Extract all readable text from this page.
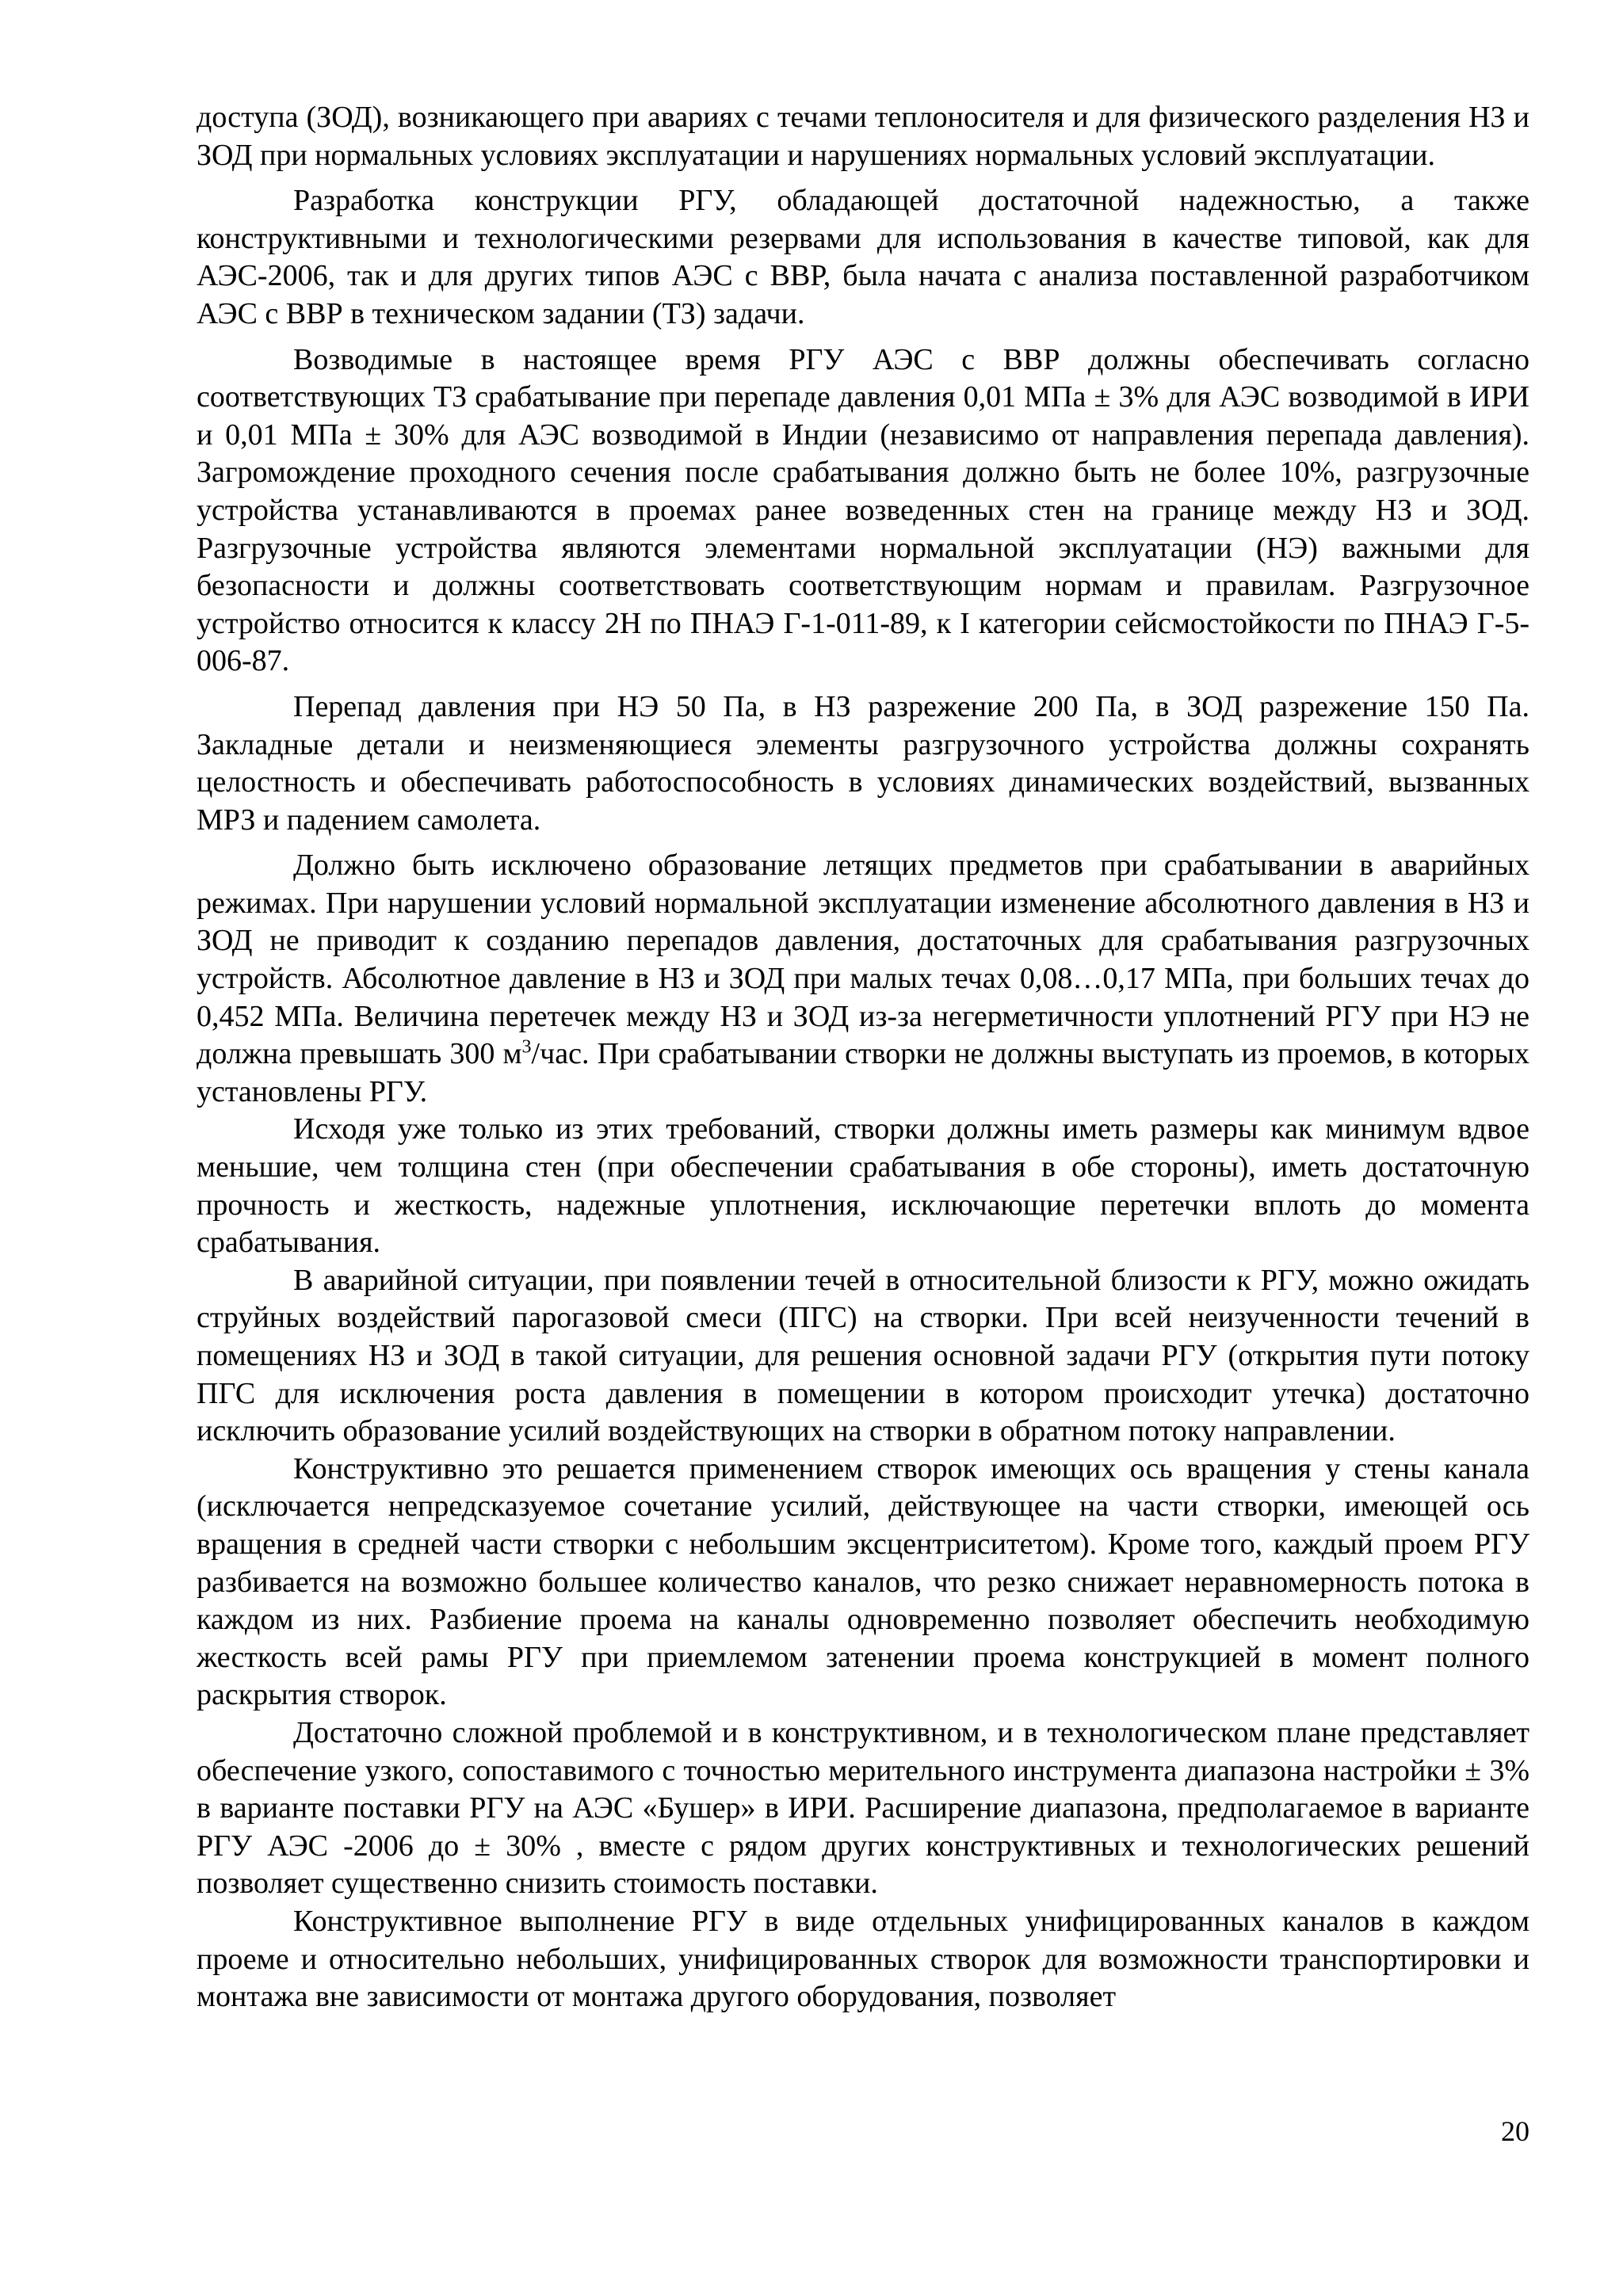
доступа (ЗОД), возникающего при авариях с течами теплоносителя и для физического разделения НЗ и ЗОД при нормальных условиях эксплуатации и нарушениях нормальных условий эксплуатации.

Разработка конструкции РГУ, обладающей достаточной надежностью, а также конструктивными и технологическими резервами для использования в качестве типовой, как для АЭС-2006, так и для других типов АЭС с ВВР, была начата с анализа поставленной разработчиком АЭС с ВВР в техническом задании (ТЗ) задачи.

Возводимые в настоящее время РГУ АЭС с ВВР должны обеспечивать согласно соответствующих ТЗ срабатывание при перепаде давления 0,01 МПа ± 3% для АЭС возводимой в ИРИ и 0,01 МПа ± 30% для АЭС возводимой в Индии (независимо от направления перепада давления). Загромождение проходного сечения после срабатывания должно быть не более 10%, разгрузочные устройства устанавливаются в проемах ранее возведенных стен на границе между НЗ и ЗОД. Разгрузочные устройства являются элементами нормальной эксплуатации (НЭ) важными для безопасности и должны соответствовать соответствующим нормам и правилам. Разгрузочное устройство относится к классу 2Н по ПНАЭ Г-1-011-89, к I категории сейсмостойкости по ПНАЭ Г-5-006-87.

Перепад давления при НЭ 50 Па, в НЗ разрежение 200 Па, в ЗОД разрежение 150 Па. Закладные детали и неизменяющиеся элементы разгрузочного устройства должны сохранять целостность и обеспечивать работоспособность в условиях динамических воздействий, вызванных МРЗ и падением самолета.

Должно быть исключено образование летящих предметов при срабатывании в аварийных режимах. При нарушении условий нормальной эксплуатации изменение абсолютного давления в НЗ и ЗОД не приводит к созданию перепадов давления, достаточных для срабатывания разгрузочных устройств. Абсолютное давление в НЗ и ЗОД при малых течах 0,08…0,17 МПа, при больших течах до 0,452 МПа. Величина перетечек между НЗ и ЗОД из-за негерметичности уплотнений РГУ при НЭ не должна превышать 300 $м^3$/час. При срабатывании створки не должны выступать из проемов, в которых установлены РГУ.

Исходя уже только из этих требований, створки должны иметь размеры как минимум вдвое меньшие, чем толщина стен (при обеспечении срабатывания в обе стороны), иметь достаточную прочность и жесткость, надежные уплотнения, исключающие перетечки вплоть до момента срабатывания.

В аварийной ситуации, при появлении течей в относительной близости к РГУ, можно ожидать струйных воздействий парогазовой смеси (ПГС) на створки. При всей неизученности течений в помещениях НЗ и ЗОД в такой ситуации, для решения основной задачи РГУ (открытия пути потоку ПГС для исключения роста давления в помещении в котором происходит утечка) достаточно исключить образование усилий воздействующих на створки в обратном потоку направлении.

Конструктивно это решается применением створок имеющих ось вращения у стены канала (исключается непредсказуемое сочетание усилий, действующее на части створки, имеющей ось вращения в средней части створки с небольшим эксцентриситетом). Кроме того, каждый проем РГУ разбивается на возможно большее количество каналов, что резко снижает неравномерность потока в каждом из них. Разбиение проема на каналы одновременно позволяет обеспечить необходимую жесткость всей рамы РГУ при приемлемом затенении проема конструкцией в момент полного раскрытия створок.

Достаточно сложной проблемой и в конструктивном, и в технологическом плане представляет обеспечение узкого, сопоставимого с точностью мерительного инструмента диапазона настройки ± 3% в варианте поставки РГУ на АЭС «Бушер» в ИРИ. Расширение диапазона, предполагаемое в варианте РГУ АЭС -2006 до ± 30% , вместе с рядом других конструктивных и технологических решений позволяет существенно снизить стоимость поставки.

Конструктивное выполнение РГУ в виде отдельных унифицированных каналов в каждом проеме и относительно небольших, унифицированных створок для возможности транспортировки и монтажа вне зависимости от монтажа другого оборудования, позволяет

20
